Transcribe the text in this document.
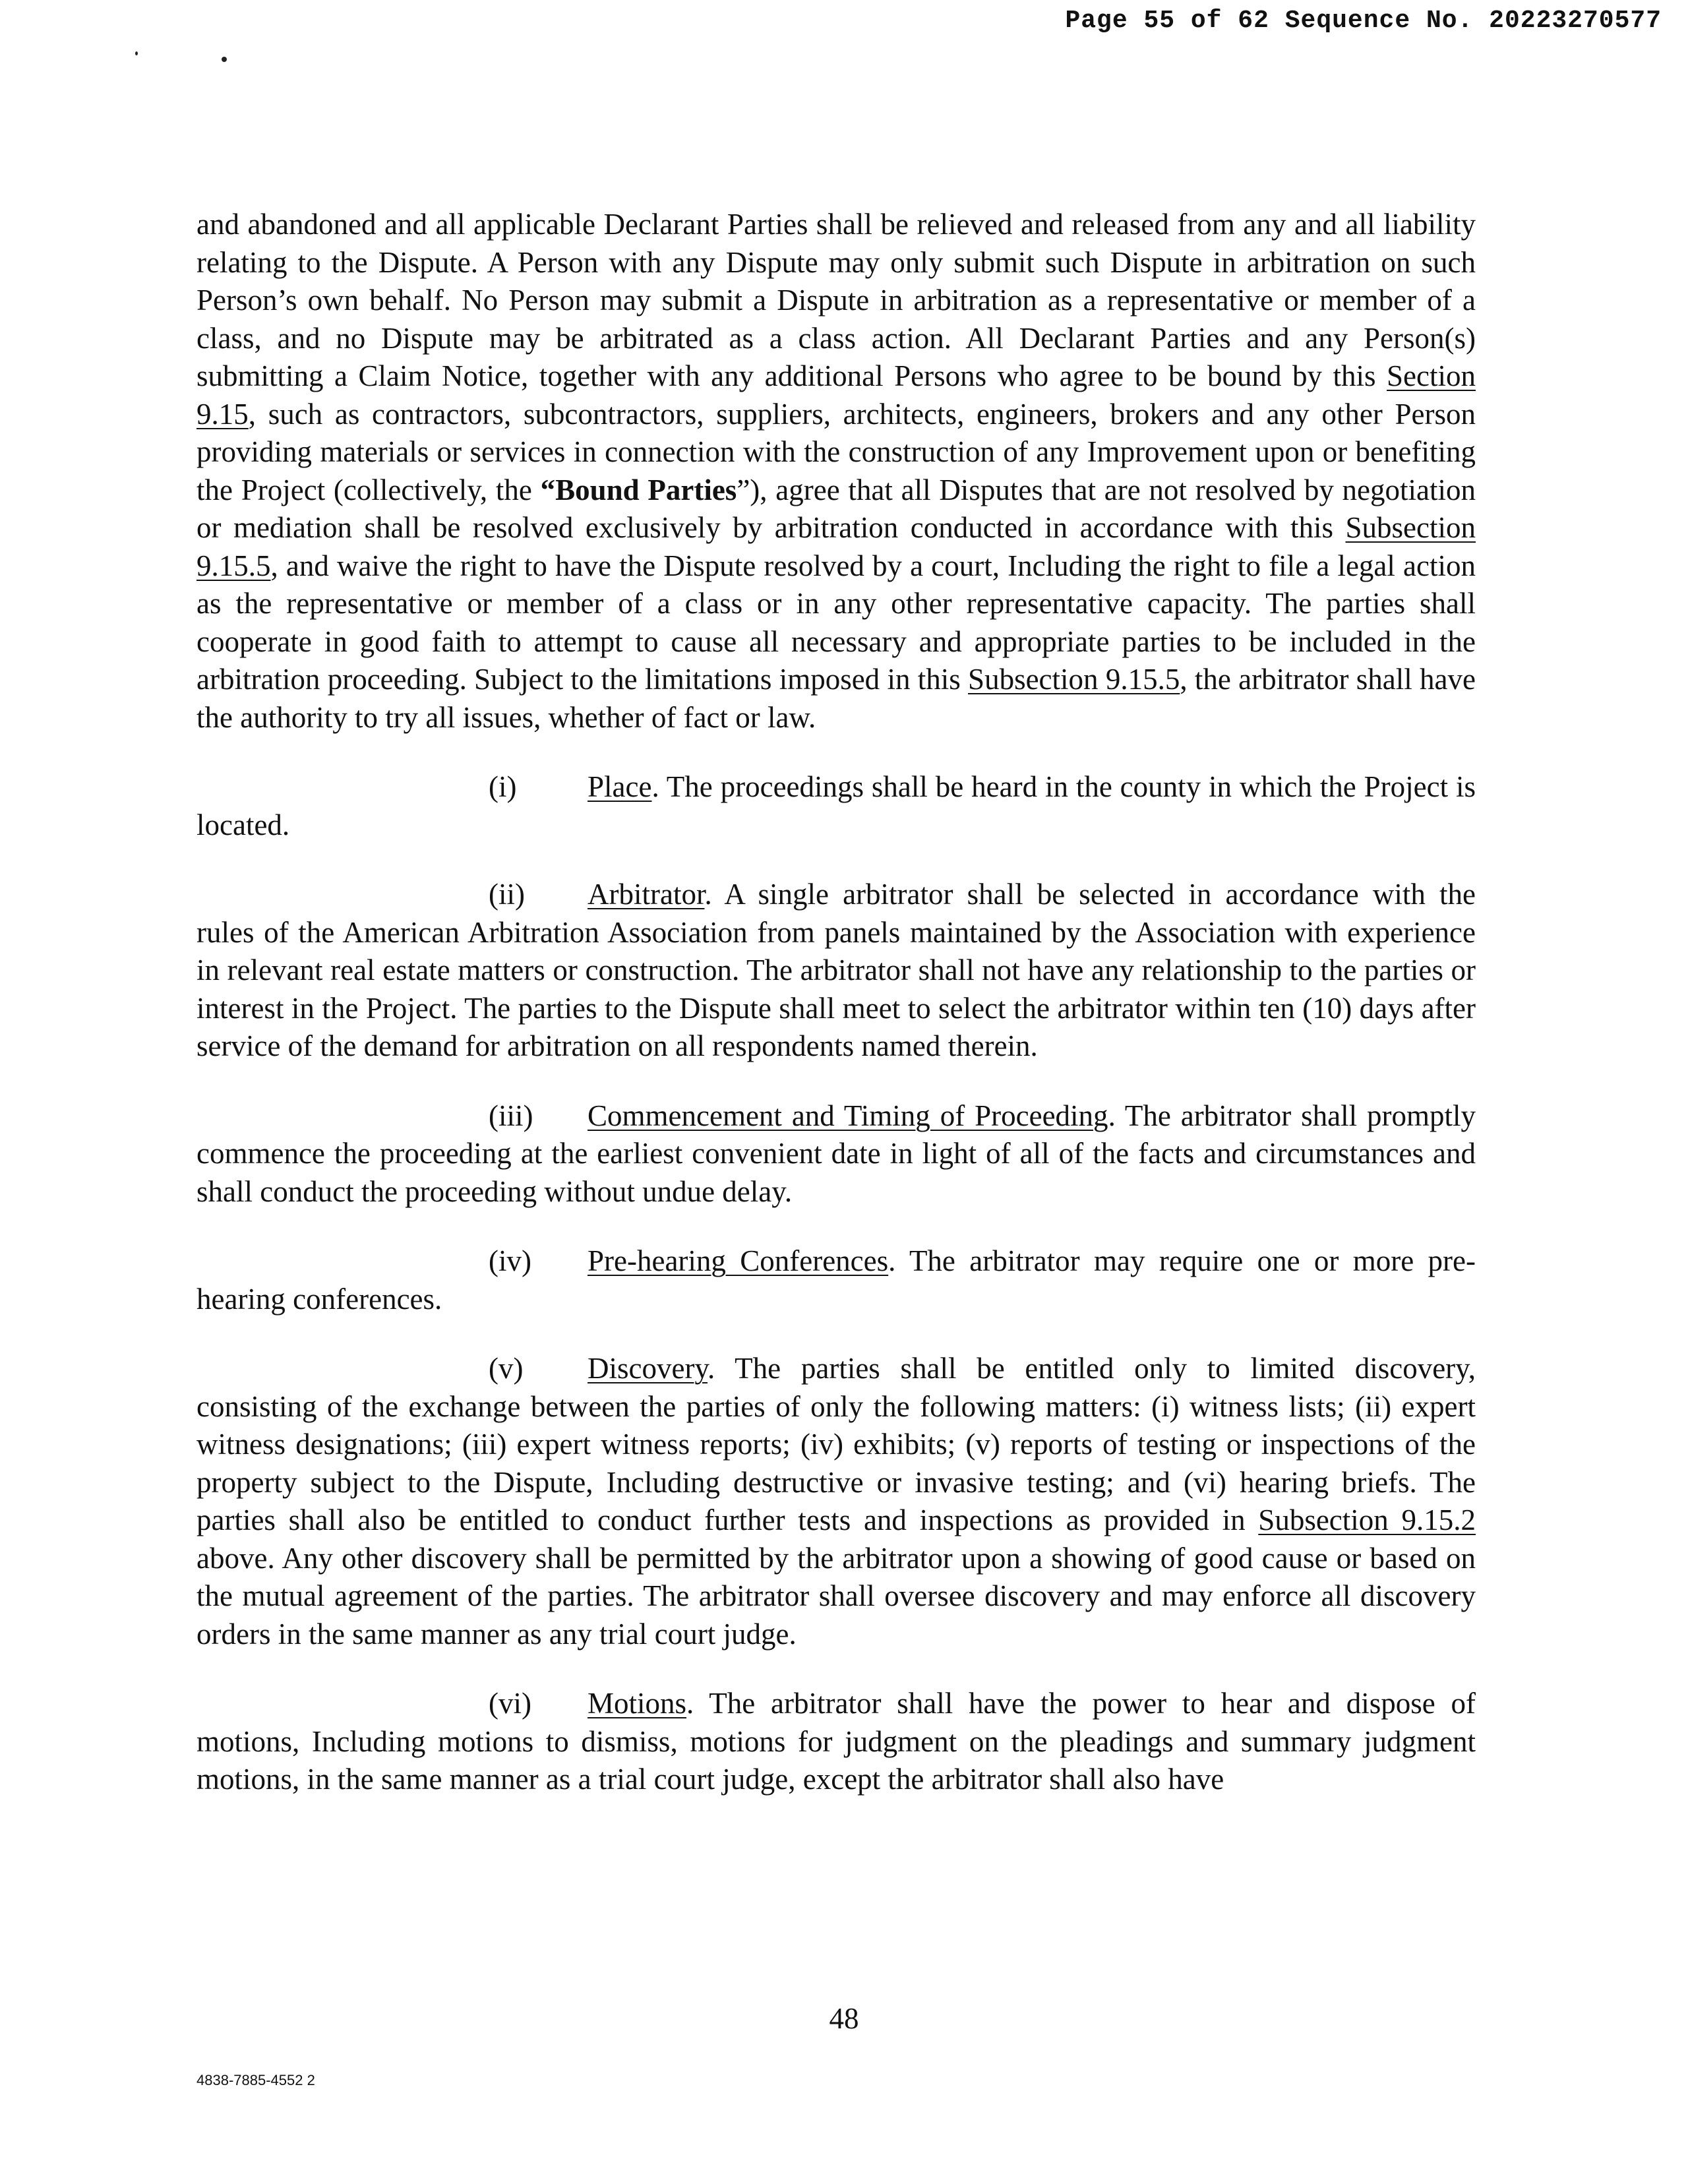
Page 55 of 62 Sequence No. 20223270577

and abandoned and all applicable Declarant Parties shall be relieved and released from any and all liability relating to the Dispute. A Person with any Dispute may only submit such Dispute in arbitration on such Person’s own behalf. No Person may submit a Dispute in arbitration as a representative or member of a class, and no Dispute may be arbitrated as a class action. All Declarant Parties and any Person(s) submitting a Claim Notice, together with any additional Persons who agree to be bound by this Section 9.15, such as contractors, subcontractors, suppliers, architects, engineers, brokers and any other Person providing materials or services in connection with the construction of any Improvement upon or benefiting the Project (collectively, the “Bound Parties”), agree that all Disputes that are not resolved by negotiation or mediation shall be resolved exclusively by arbitration conducted in accordance with this Subsection 9.15.5, and waive the right to have the Dispute resolved by a court, Including the right to file a legal action as the representative or member of a class or in any other representative capacity. The parties shall cooperate in good faith to attempt to cause all necessary and appropriate parties to be included in the arbitration proceeding. Subject to the limitations imposed in this Subsection 9.15.5, the arbitrator shall have the authority to try all issues, whether of fact or law.

(i) Place. The proceedings shall be heard in the county in which the Project is located.

(ii) Arbitrator. A single arbitrator shall be selected in accordance with the rules of the American Arbitration Association from panels maintained by the Association with experience in relevant real estate matters or construction. The arbitrator shall not have any relationship to the parties or interest in the Project. The parties to the Dispute shall meet to select the arbitrator within ten (10) days after service of the demand for arbitration on all respondents named therein.

(iii) Commencement and Timing of Proceeding. The arbitrator shall promptly commence the proceeding at the earliest convenient date in light of all of the facts and circumstances and shall conduct the proceeding without undue delay.

(iv) Pre-hearing Conferences. The arbitrator may require one or more pre-hearing conferences.

(v) Discovery. The parties shall be entitled only to limited discovery, consisting of the exchange between the parties of only the following matters: (i) witness lists; (ii) expert witness designations; (iii) expert witness reports; (iv) exhibits; (v) reports of testing or inspections of the property subject to the Dispute, Including destructive or invasive testing; and (vi) hearing briefs. The parties shall also be entitled to conduct further tests and inspections as provided in Subsection 9.15.2 above. Any other discovery shall be permitted by the arbitrator upon a showing of good cause or based on the mutual agreement of the parties. The arbitrator shall oversee discovery and may enforce all discovery orders in the same manner as any trial court judge.

(vi) Motions. The arbitrator shall have the power to hear and dispose of motions, Including motions to dismiss, motions for judgment on the pleadings and summary judgment motions, in the same manner as a trial court judge, except the arbitrator shall also have

48
4838-7885-4552 2
